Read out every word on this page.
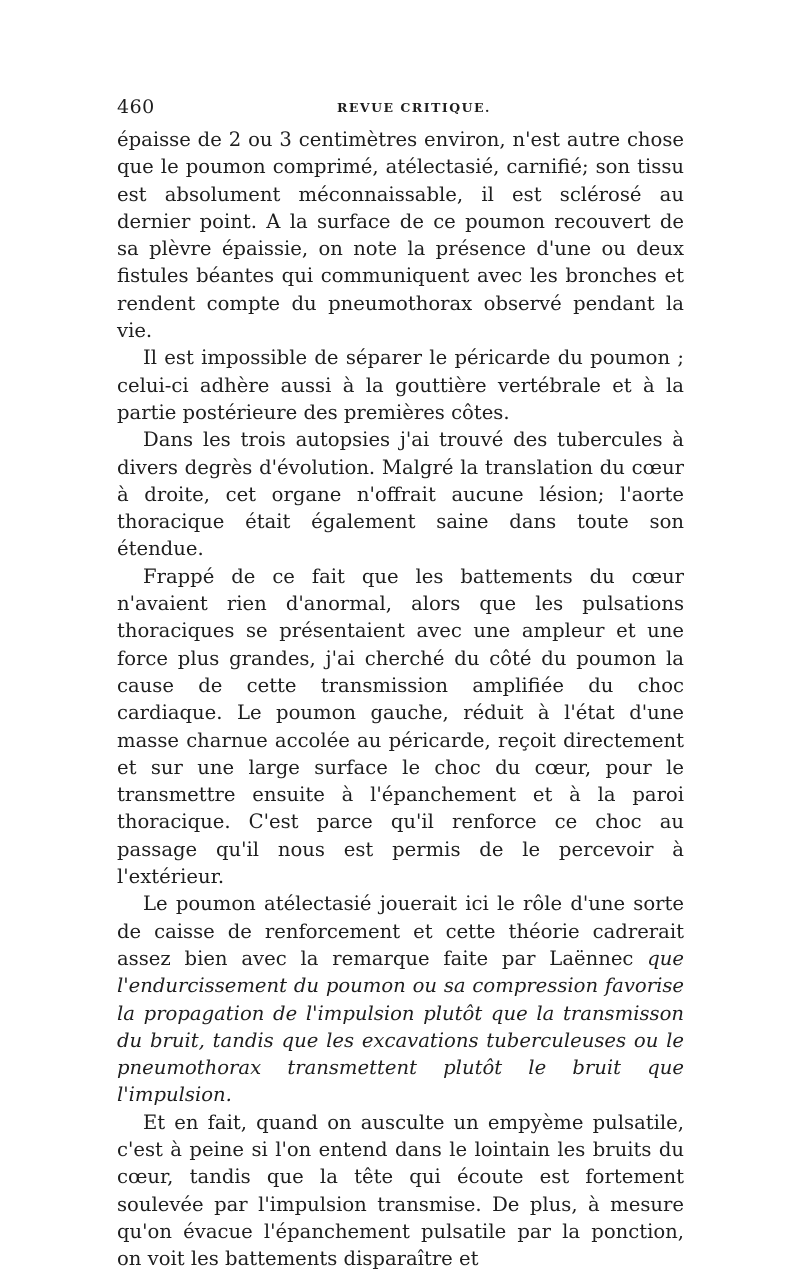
460	REVUE CRITIQUE.

épaisse de 2 ou 3 centimètres environ, n'est autre chose que le poumon comprimé, atélectasié, carnifié; son tissu est absolument méconnaissable, il est sclérosé au dernier point. A la surface de ce poumon recouvert de sa plèvre épaissie, on note la présence d'une ou deux fistules béantes qui communiquent avec les bronches et rendent compte du pneumothorax observé pendant la vie.

Il est impossible de séparer le péricarde du poumon ; celui-ci adhère aussi à la gouttière vertébrale et à la partie postérieure des premières côtes.

Dans les trois autopsies j'ai trouvé des tubercules à divers degrès d'évolution. Malgré la translation du cœur à droite, cet organe n'offrait aucune lésion; l'aorte thoracique était également saine dans toute son étendue.

Frappé de ce fait que les battements du cœur n'avaient rien d'anormal, alors que les pulsations thoraciques se présentaient avec une ampleur et une force plus grandes, j'ai cherché du côté du poumon la cause de cette transmission amplifiée du choc cardiaque. Le poumon gauche, réduit à l'état d'une masse charnue accolée au péricarde, reçoit directement et sur une large surface le choc du cœur, pour le transmettre ensuite à l'épanchement et à la paroi thoracique. C'est parce qu'il renforce ce choc au passage qu'il nous est permis de le percevoir à l'extérieur.

Le poumon atélectasié jouerait ici le rôle d'une sorte de caisse de renforcement et cette théorie cadrerait assez bien avec la remarque faite par Laënnec que l'endurcissement du poumon ou sa compression favorise la propagation de l'impulsion plutôt que la transmisson du bruit, tandis que les excavations tuberculeuses ou le pneumothorax transmettent plutôt le bruit que l'impulsion.

Et en fait, quand on ausculte un empyème pulsatile, c'est à peine si l'on entend dans le lointain les bruits du cœur, tandis que la tête qui écoute est fortement soulevée par l'impulsion transmise. De plus, à mesure qu'on évacue l'épanchement pulsatile par la ponction, on voit les battements disparaître et
